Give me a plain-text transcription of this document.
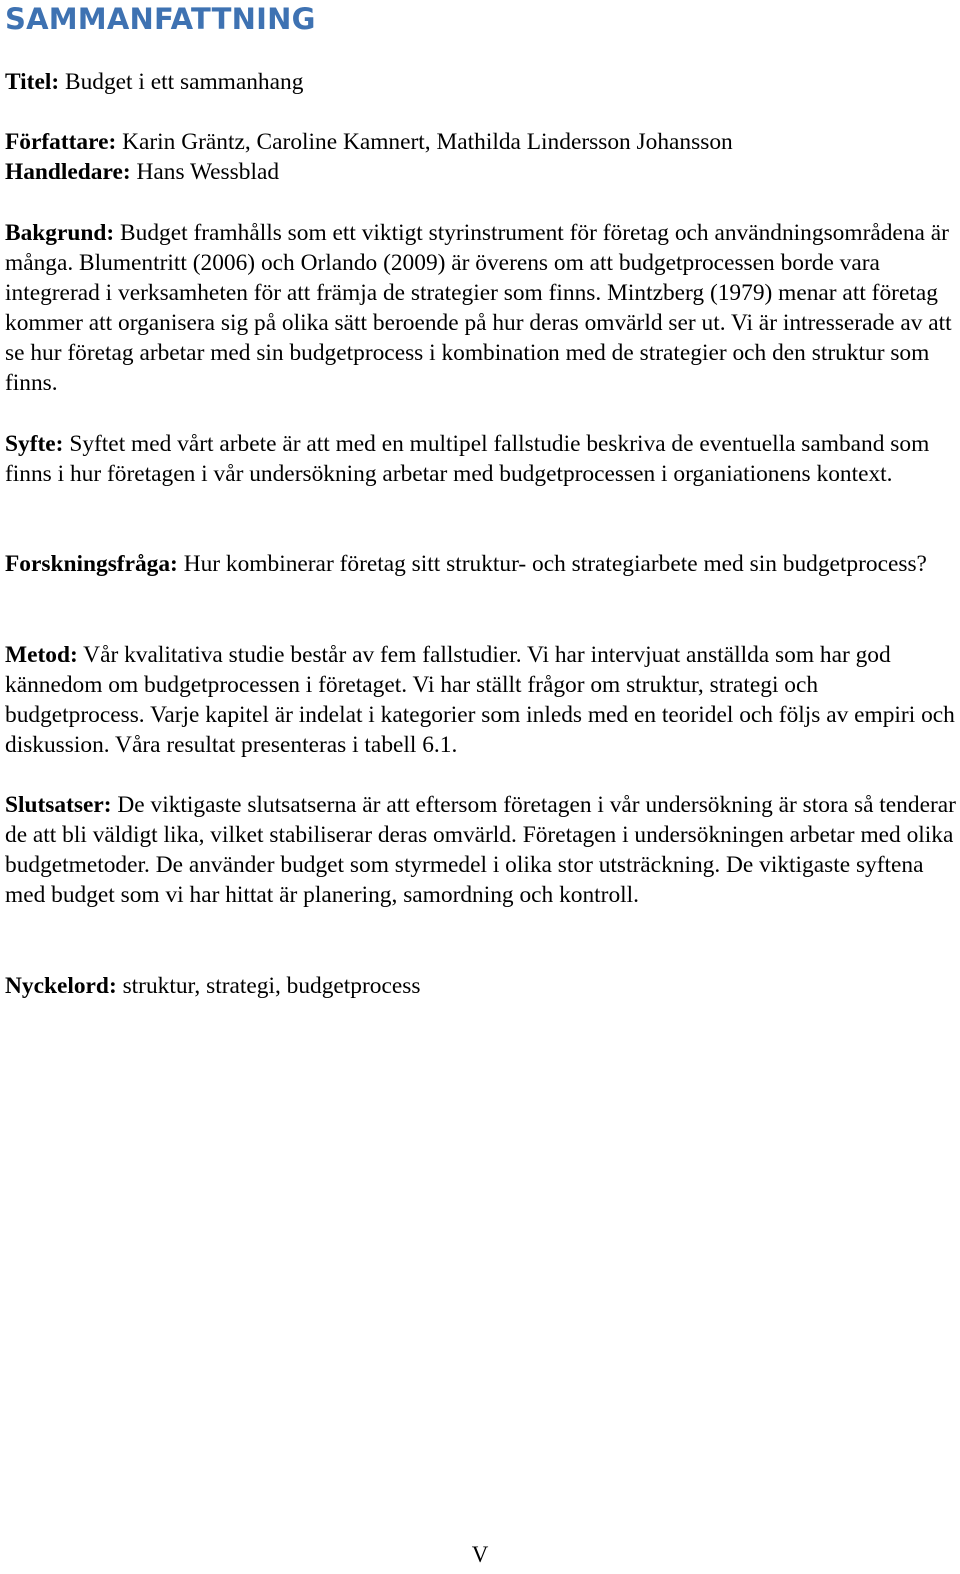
SAMMANFATTNING

Titel: Budget i ett sammanhang

Författare: Karin Gräntz, Caroline Kamnert, Mathilda Lindersson Johansson

Handledare: Hans Wessblad

Bakgrund: Budget framhålls som ett viktigt styrinstrument för företag och användningsområdena är många. Blumentritt (2006) och Orlando (2009) är överens om att budgetprocessen borde vara integrerad i verksamheten för att främja de strategier som finns. Mintzberg (1979) menar att företag kommer att organisera sig på olika sätt beroende på hur deras omvärld ser ut. Vi är intresserade av att se hur företag arbetar med sin budgetprocess i kombination med de strategier och den struktur som finns.

Syfte: Syftet med vårt arbete är att med en multipel fallstudie beskriva de eventuella samband som finns i hur företagen i vår undersökning arbetar med budgetprocessen i organiationens kontext.

Forskningsfråga: Hur kombinerar företag sitt struktur- och strategiarbete med sin budgetprocess?

Metod: Vår kvalitativa studie består av fem fallstudier. Vi har intervjuat anställda som har god kännedom om budgetprocessen i företaget. Vi har ställt frågor om struktur, strategi och budgetprocess. Varje kapitel är indelat i kategorier som inleds med en teoridel och följs av empiri och diskussion. Våra resultat presenteras i tabell 6.1.

Slutsatser: De viktigaste slutsatserna är att eftersom företagen i vår undersökning är stora så tenderar de att bli väldigt lika, vilket stabiliserar deras omvärld. Företagen i undersökningen arbetar med olika budgetmetoder. De använder budget som styrmedel i olika stor utsträckning. De viktigaste syftena med budget som vi har hittat är planering, samordning och kontroll.

Nyckelord: struktur, strategi, budgetprocess

V
